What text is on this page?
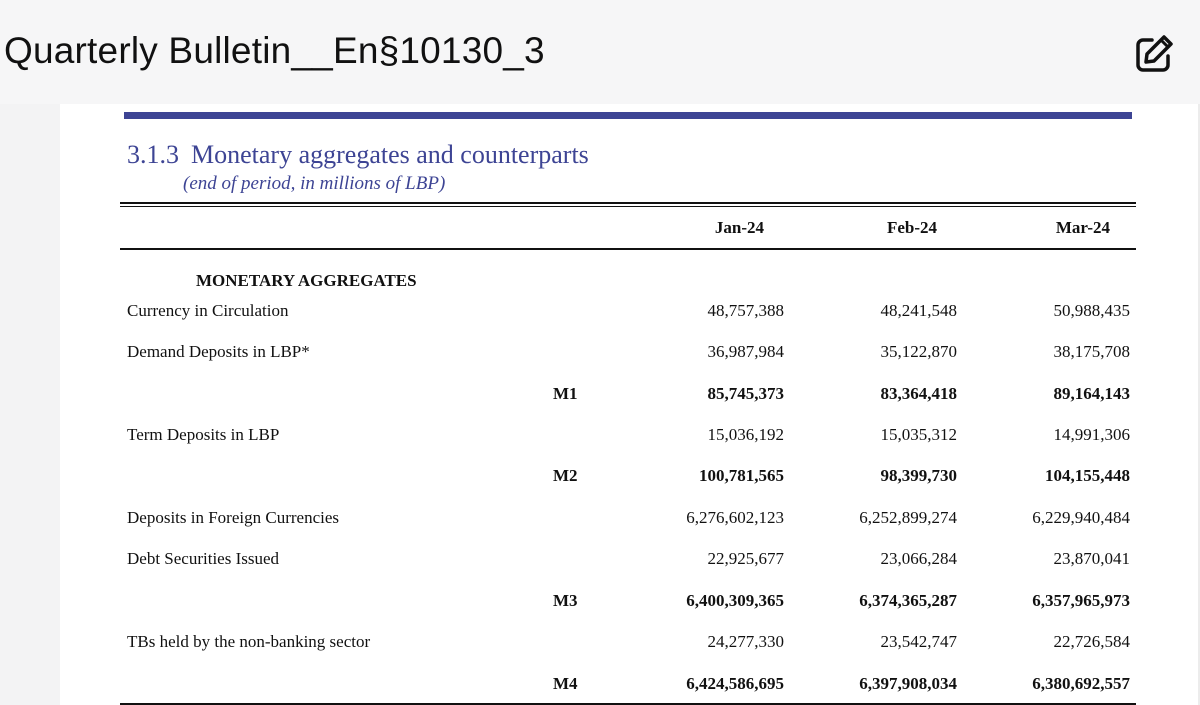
Quarterly Bulletin__En§10130_3
3.1.3 Monetary aggregates and counterparts
(end of period, in millions of LBP)
Jan-24	Feb-24	Mar-24
MONETARY AGGREGATES
Currency in Circulation	48,757,388	48,241,548	50,988,435
Demand Deposits in LBP*	36,987,984	35,122,870	38,175,708
M1	85,745,373	83,364,418	89,164,143
Term Deposits in LBP	15,036,192	15,035,312	14,991,306
M2	100,781,565	98,399,730	104,155,448
Deposits in Foreign Currencies	6,276,602,123	6,252,899,274	6,229,940,484
Debt Securities Issued	22,925,677	23,066,284	23,870,041
M3	6,400,309,365	6,374,365,287	6,357,965,973
TBs held by the non-banking sector	24,277,330	23,542,747	22,726,584
M4	6,424,586,695	6,397,908,034	6,380,692,557
